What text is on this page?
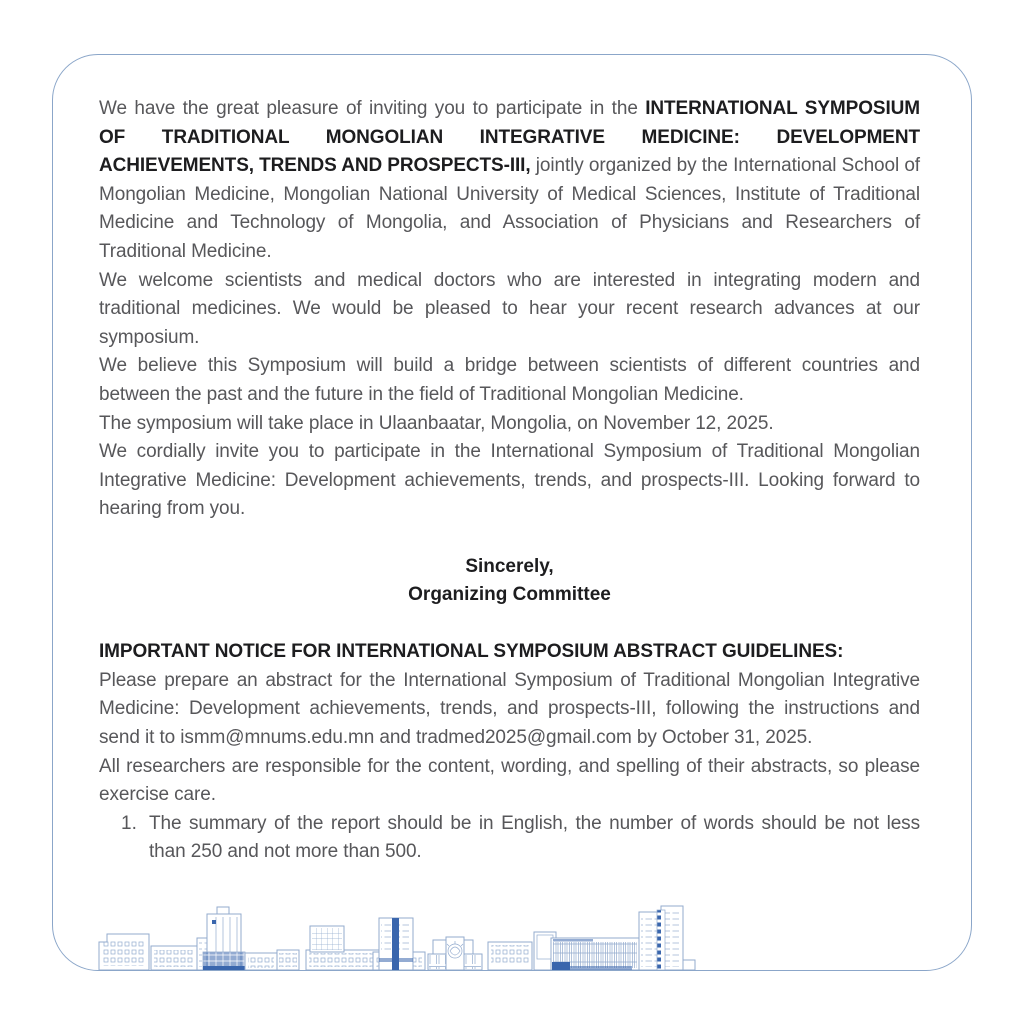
We have the great pleasure of inviting you to participate in the INTERNATIONAL SYMPOSIUM OF TRADITIONAL MONGOLIAN INTEGRATIVE MEDICINE: DEVELOPMENT ACHIEVEMENTS, TRENDS AND PROSPECTS-III, jointly organized by the International School of Mongolian Medicine, Mongolian National University of Medical Sciences, Institute of Traditional Medicine and Technology of Mongolia, and Association of Physicians and Researchers of Traditional Medicine.

We welcome scientists and medical doctors who are interested in integrating modern and traditional medicines. We would be pleased to hear your recent research advances at our symposium.

We believe this Symposium will build a bridge between scientists of different countries and between the past and the future in the field of Traditional Mongolian Medicine.

The symposium will take place in Ulaanbaatar, Mongolia, on November 12, 2025.

We cordially invite you to participate in the International Symposium of Traditional Mongolian Integrative Medicine: Development achievements, trends, and prospects-III. Looking forward to hearing from you.

Sincerely,

Organizing Committee

IMPORTANT NOTICE FOR INTERNATIONAL SYMPOSIUM ABSTRACT GUIDELINES:

Please prepare an abstract for the International Symposium of Traditional Mongolian Integrative Medicine: Development achievements, trends, and prospects-III, following the instructions and send it to ismm@mnums.edu.mn and tradmed2025@gmail.com by October 31, 2025.

All researchers are responsible for the content, wording, and spelling of their abstracts, so please exercise care.

1. The summary of the report should be in English, the number of words should be not less than 250 and not more than 500.
